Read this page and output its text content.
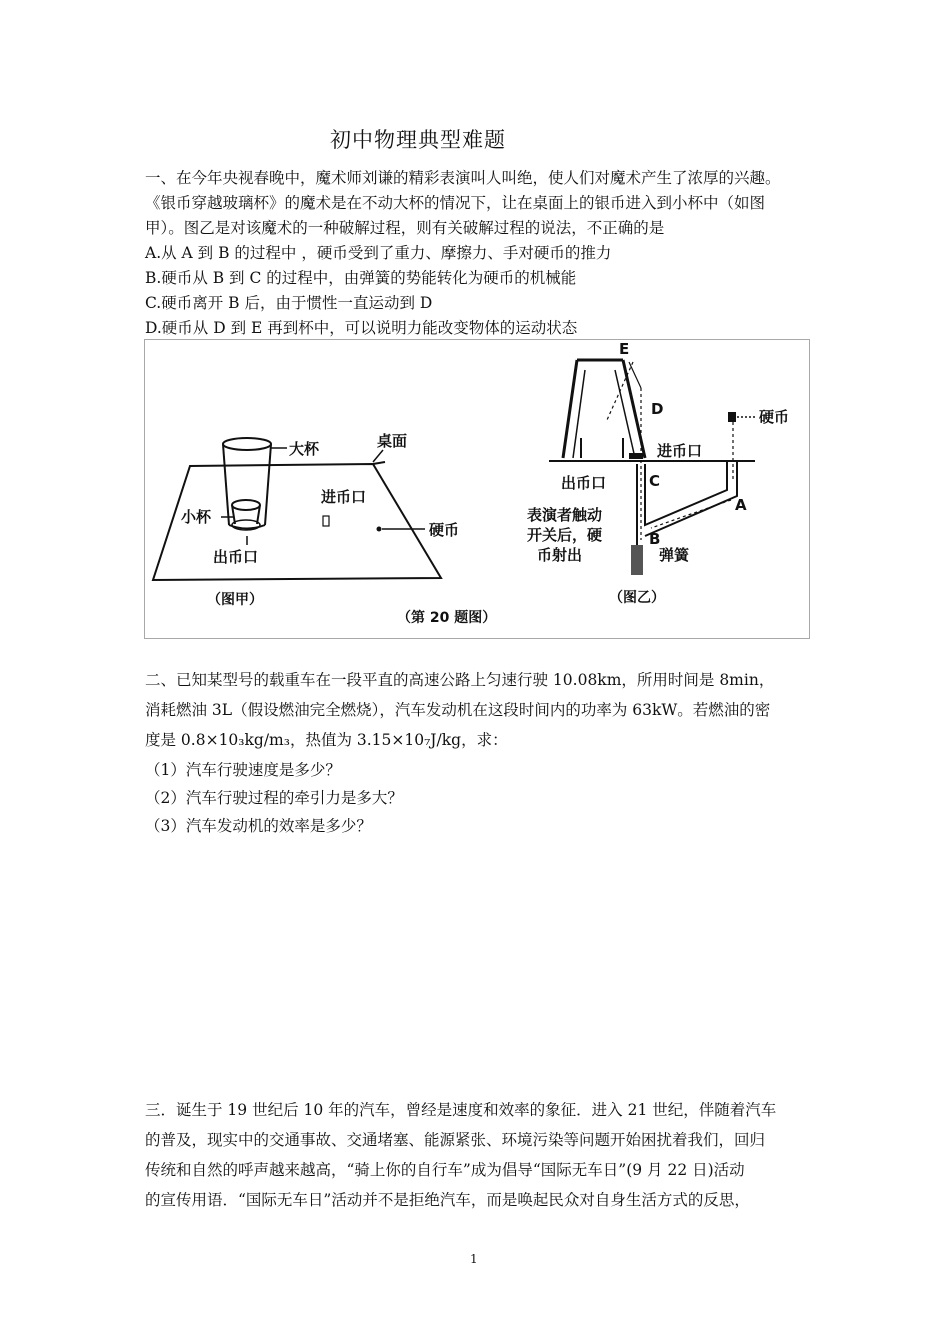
初中物理典型难题
一、在今年央视春晚中，魔术师刘谦的精彩表演叫人叫绝，使人们对魔术产生了浓厚的兴趣。
《银币穿越玻璃杯》的魔术是在不动大杯的情况下，让在桌面上的银币进入到小杯中（如图
甲）。图乙是对该魔术的一种破解过程，则有关破解过程的说法，不正确的是
A.从 A 到 B 的过程中 ，硬币受到了重力、摩擦力、手对硬币的推力
B.硬币从 B 到 C 的过程中，由弹簧的势能转化为硬币的机械能
C.硬币离开 B 后，由于惯性一直运动到 D
D.硬币从 D 到 E 再到杯中，可以说明力能改变物体的运动状态
大杯	桌面
小杯
进币口
硬币
出币口
（图甲）
（第 20 题图）
E
D	硬币
进币口
出币口	C
A
B
表演者触动
开关后，硬
币射出	弹簧
（图乙）
二、已知某型号的载重车在一段平直的高速公路上匀速行驶 10.08km，所用时间是 8min，
消耗燃油 3L（假设燃油完全燃烧），汽车发动机在这段时间内的功率为 63kW。若燃油的密
度是 0.8×10₃kg/m₃，热值为 3.15×10₇J/kg，求：
（1）汽车行驶速度是多少？
（2）汽车行驶过程的牵引力是多大？
（3）汽车发动机的效率是多少？
三．诞生于 19 世纪后 10 年的汽车，曾经是速度和效率的象征．进入 21 世纪，伴随着汽车
的普及，现实中的交通事故、交通堵塞、能源紧张、环境污染等问题开始困扰着我们，回归
传统和自然的呼声越来越高，“骑上你的自行车”成为倡导“国际无车日”(9 月 22 日)活动
的宣传用语．“国际无车日”活动并不是拒绝汽车，而是唤起民众对自身生活方式的反思，
1
